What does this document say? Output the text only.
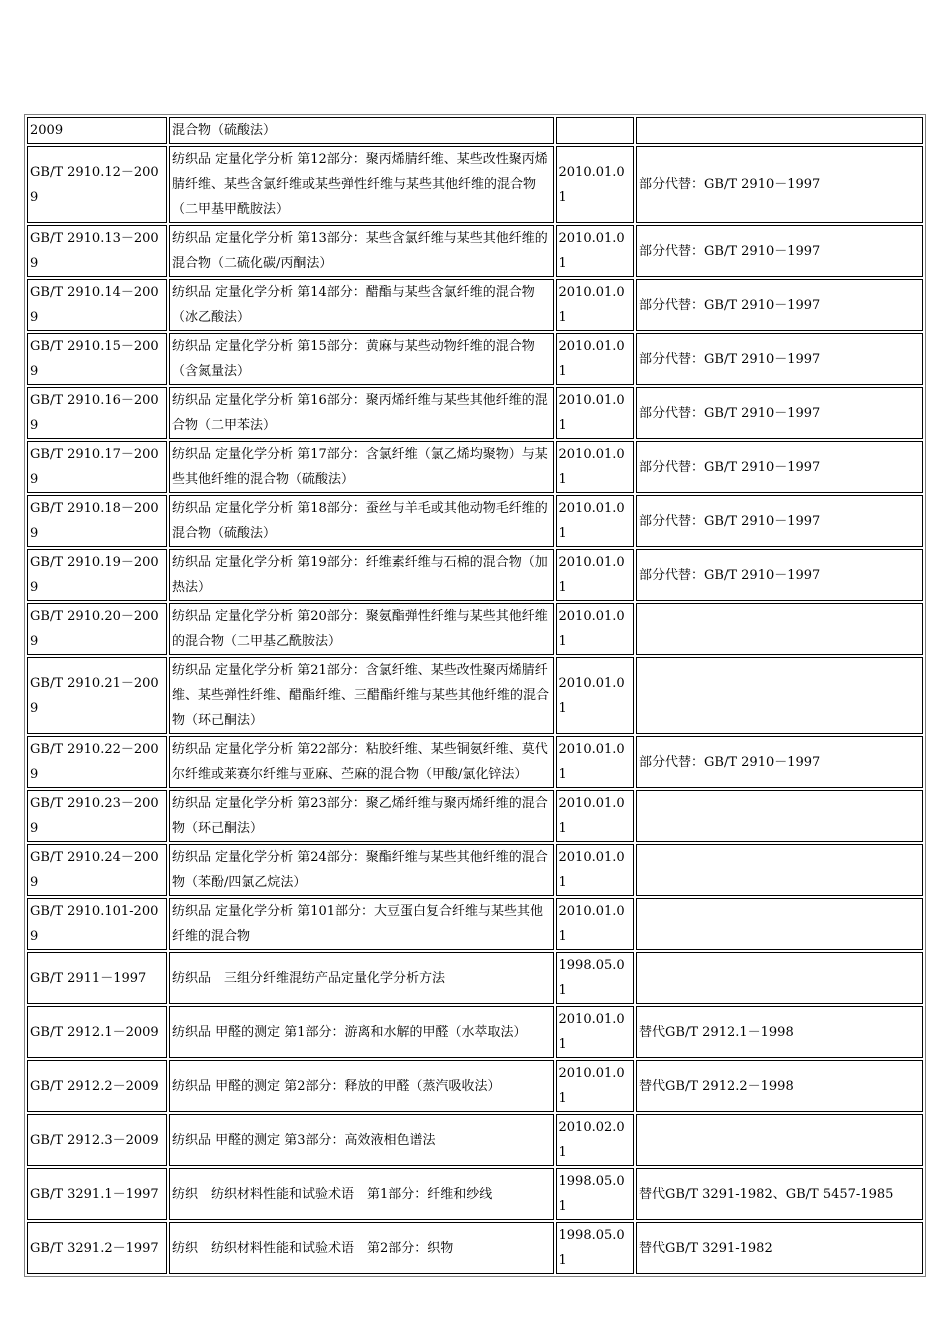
2009	混合物（硫酸法）		
GB/T 2910.12－2009	纺织品 定量化学分析 第12部分：聚丙烯腈纤维、某些改性聚丙烯腈纤维、某些含氯纤维或某些弹性纤维与某些其他纤维的混合物（二甲基甲酰胺法）	2010.01.01	部分代替：GB/T 2910－1997
GB/T 2910.13－2009	纺织品 定量化学分析 第13部分：某些含氯纤维与某些其他纤维的混合物（二硫化碳/丙酮法）	2010.01.01	部分代替：GB/T 2910－1997
GB/T 2910.14－2009	纺织品 定量化学分析 第14部分：醋酯与某些含氯纤维的混合物（冰乙酸法）	2010.01.01	部分代替：GB/T 2910－1997
GB/T 2910.15－2009	纺织品 定量化学分析 第15部分：黄麻与某些动物纤维的混合物（含氮量法）	2010.01.01	部分代替：GB/T 2910－1997
GB/T 2910.16－2009	纺织品 定量化学分析 第16部分：聚丙烯纤维与某些其他纤维的混合物（二甲苯法）	2010.01.01	部分代替：GB/T 2910－1997
GB/T 2910.17－2009	纺织品 定量化学分析 第17部分：含氯纤维（氯乙烯均聚物）与某些其他纤维的混合物（硫酸法）	2010.01.01	部分代替：GB/T 2910－1997
GB/T 2910.18－2009	纺织品 定量化学分析 第18部分：蚕丝与羊毛或其他动物毛纤维的混合物（硫酸法）	2010.01.01	部分代替：GB/T 2910－1997
GB/T 2910.19－2009	纺织品 定量化学分析 第19部分：纤维素纤维与石棉的混合物（加热法）	2010.01.01	部分代替：GB/T 2910－1997
GB/T 2910.20－2009	纺织品 定量化学分析 第20部分：聚氨酯弹性纤维与某些其他纤维的混合物（二甲基乙酰胺法）	2010.01.01	
GB/T 2910.21－2009	纺织品 定量化学分析 第21部分：含氯纤维、某些改性聚丙烯腈纤维、某些弹性纤维、醋酯纤维、三醋酯纤维与某些其他纤维的混合物（环己酮法）	2010.01.01	
GB/T 2910.22－2009	纺织品 定量化学分析 第22部分：粘胶纤维、某些铜氨纤维、莫代尔纤维或莱赛尔纤维与亚麻、苎麻的混合物（甲酸/氯化锌法）	2010.01.01	部分代替：GB/T 2910－1997
GB/T 2910.23－2009	纺织品 定量化学分析 第23部分：聚乙烯纤维与聚丙烯纤维的混合物（环己酮法）	2010.01.01	
GB/T 2910.24－2009	纺织品 定量化学分析 第24部分：聚酯纤维与某些其他纤维的混合物（苯酚/四氯乙烷法）	2010.01.01	
GB/T 2910.101-2009	纺织品 定量化学分析 第101部分：大豆蛋白复合纤维与某些其他纤维的混合物	2010.01.01	
GB/T 2911－1997	纺织品　三组分纤维混纺产品定量化学分析方法	1998.05.01	
GB/T 2912.1－2009	纺织品 甲醛的测定 第1部分：游离和水解的甲醛（水萃取法）	2010.01.01	替代GB/T 2912.1－1998
GB/T 2912.2－2009	纺织品 甲醛的测定 第2部分：释放的甲醛（蒸汽吸收法）	2010.01.01	替代GB/T 2912.2－1998
GB/T 2912.3－2009	纺织品 甲醛的测定 第3部分：高效液相色谱法	2010.02.01	
GB/T 3291.1－1997	纺织　纺织材料性能和试验术语　第1部分：纤维和纱线	1998.05.01	替代GB/T 3291-1982、GB/T 5457-1985
GB/T 3291.2－1997	纺织　纺织材料性能和试验术语　第2部分：织物	1998.05.01	替代GB/T 3291-1982
